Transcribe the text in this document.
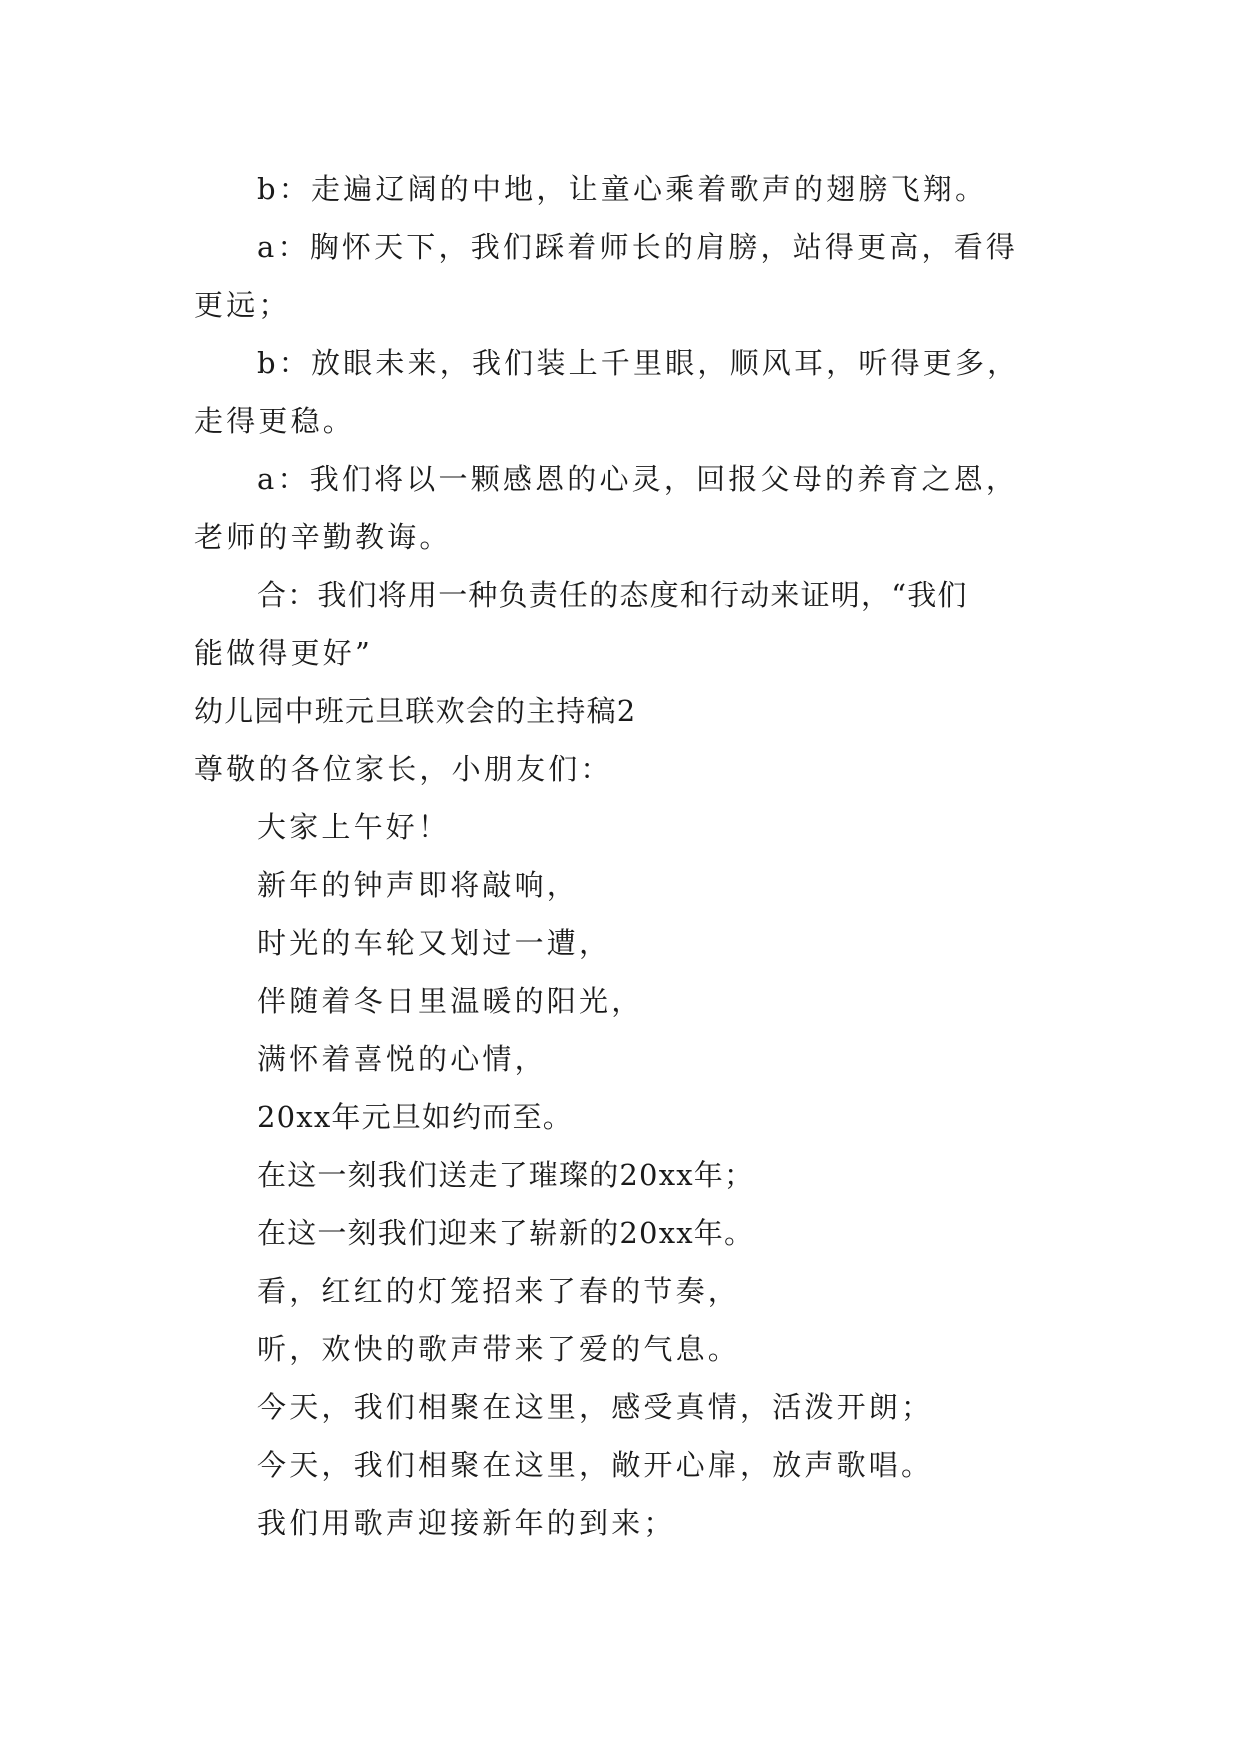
b：走遍辽阔的中地，让童心乘着歌声的翅膀飞翔。
a：胸怀天下，我们踩着师长的肩膀，站得更高，看得
更远；
b：放眼未来，我们装上千里眼，顺风耳，听得更多，
走得更稳。
a：我们将以一颗感恩的心灵，回报父母的养育之恩，
老师的辛勤教诲。
合：我们将用一种负责任的态度和行动来证明，“我们
能做得更好”
幼儿园中班元旦联欢会的主持稿2
尊敬的各位家长，小朋友们：
大家上午好！
新年的钟声即将敲响，
时光的车轮又划过一遭，
伴随着冬日里温暖的阳光，
满怀着喜悦的心情，
20xx年元旦如约而至。
在这一刻我们送走了璀璨的20xx年；
在这一刻我们迎来了崭新的20xx年。
看，红红的灯笼招来了春的节奏，
听，欢快的歌声带来了爱的气息。
今天，我们相聚在这里，感受真情，活泼开朗；
今天，我们相聚在这里，敞开心扉，放声歌唱。
我们用歌声迎接新年的到来；
